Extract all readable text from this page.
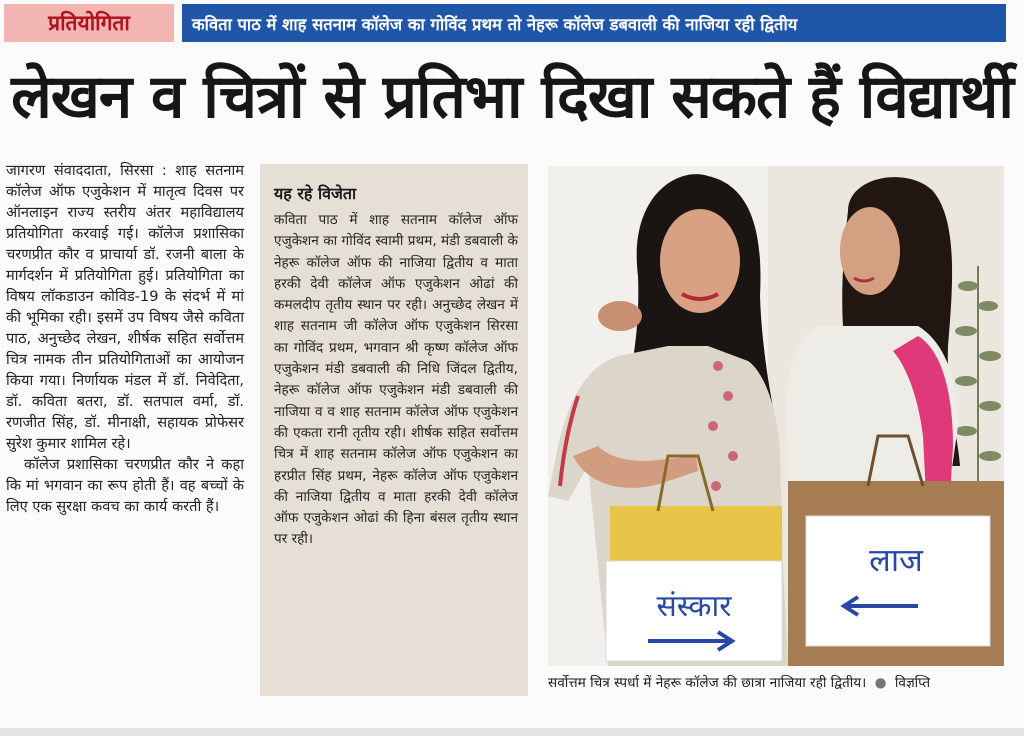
प्रतियोगिता	कविता पाठ में शाह सतनाम कॉलेज का गोविंद प्रथम तो नेहरू कॉलेज डबवाली की नाजिया रही द्वितीय
लेखन व चित्रों से प्रतिभा दिखा सकते हैं विद्यार्थी

जागरण संवाददाता, सिरसा : शाह सतनाम कॉलेज ऑफ एजुकेशन में मातृत्व दिवस पर ऑनलाइन राज्य स्तरीय अंतर महाविद्यालय प्रतियोगिता करवाई गई। कॉलेज प्रशासिका चरणप्रीत कौर व प्राचार्या डॉ. रजनी बाला के मार्गदर्शन में प्रतियोगिता हुई। प्रतियोगिता का विषय लॉकडाउन कोविड-19 के संदर्भ में मां की भूमिका रही। इसमें उप विषय जैसे कविता पाठ, अनुच्छेद लेखन, शीर्षक सहित सर्वोत्तम चित्र नामक तीन प्रतियोगिताओं का आयोजन किया गया। निर्णायक मंडल में डॉ. निवेदिता, डॉ. कविता बतरा, डॉ. सतपाल वर्मा, डॉ. रणजीत सिंह, डॉ. मीनाक्षी, सहायक प्रोफेसर सुरेश कुमार शामिल रहे।

कॉलेज प्रशासिका चरणप्रीत कौर ने कहा कि मां भगवान का रूप होती हैं। वह बच्चों के लिए एक सुरक्षा कवच का कार्य करती हैं।

यह रहे विजेता

कविता पाठ में शाह सतनाम कॉलेज ऑफ एजुकेशन का गोविंद स्वामी प्रथम, मंडी डबवाली के नेहरू कॉलेज ऑफ की नाजिया द्वितीय व माता हरकी देवी कॉलेज ऑफ एजुकेशन ओढां की कमलदीप तृतीय स्थान पर रही। अनुच्छेद लेखन में शाह सतनाम जी कॉलेज ऑफ एजुकेशन सिरसा का गोविंद प्रथम, भगवान श्री कृष्ण कॉलेज ऑफ एजुकेशन मंडी डबवाली की निधि जिंदल द्वितीय, नेहरू कॉलेज ऑफ एजुकेशन मंडी डबवाली की नाजिया व व शाह सतनाम कॉलेज ऑफ एजुकेशन की एकता रानी तृतीय रही। शीर्षक सहित सर्वोत्तम चित्र में शाह सतनाम कॉलेज ऑफ एजुकेशन का हरप्रीत सिंह प्रथम, नेहरू कॉलेज ऑफ एजुकेशन की नाजिया द्वितीय व माता हरकी देवी कॉलेज ऑफ एजुकेशन ओढां की हिना बंसल तृतीय स्थान पर रही।

संस्कार
लाज
सर्वोत्तम चित्र स्पर्धा में नेहरू कॉलेज की छात्रा नाजिया रही द्वितीय। ● विज्ञप्ति
